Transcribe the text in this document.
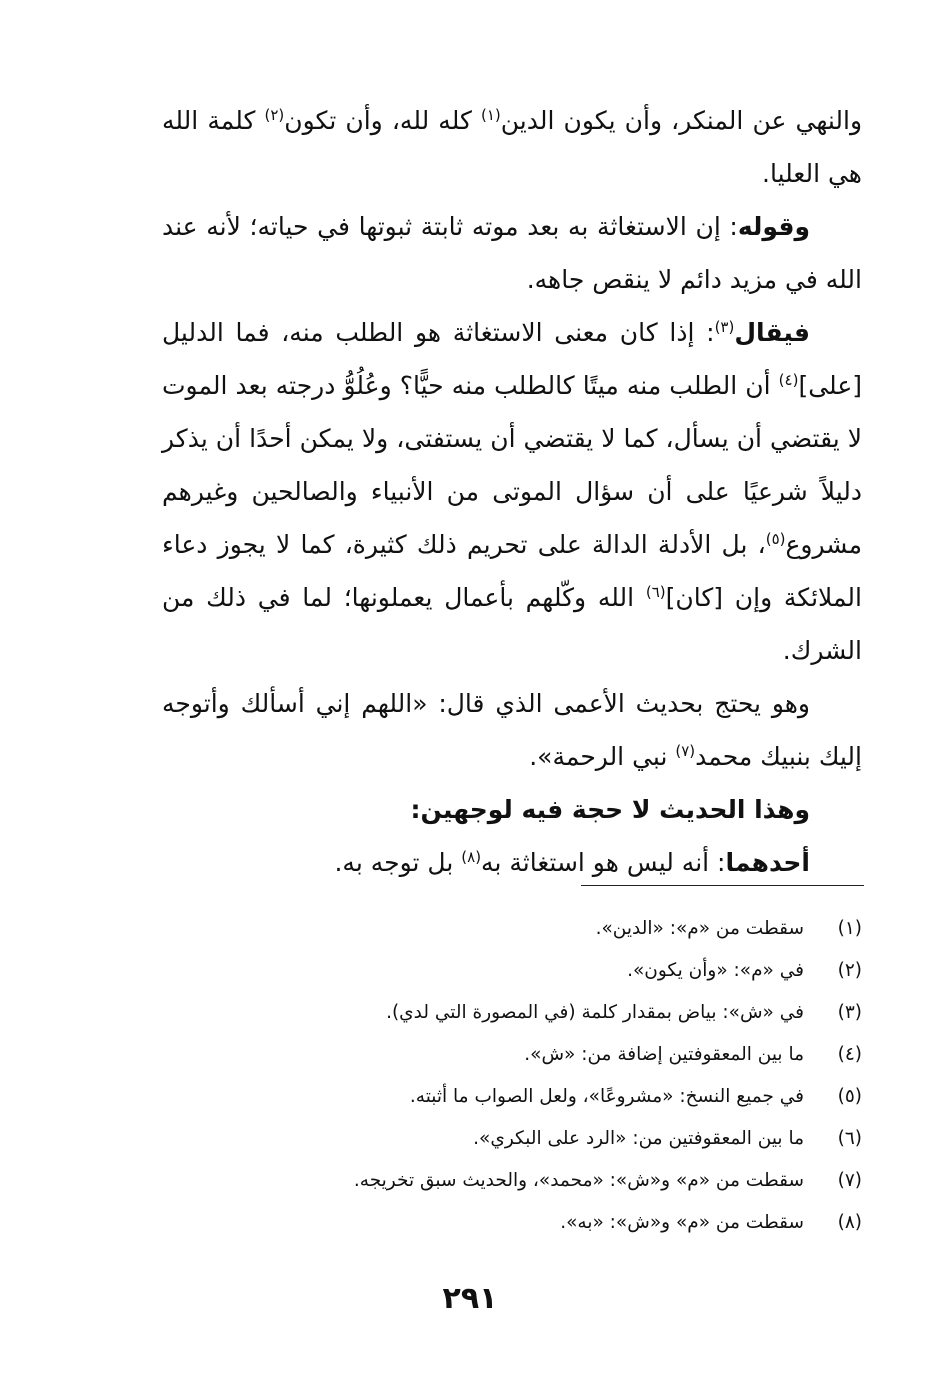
والنهي عن المنكر، وأن يكون الدين$^{(١)}$ كله لله، وأن تكون$^{(٢)}$ كلمة الله هي العليا.

وقوله: إن الاستغاثة به بعد موته ثابتة ثبوتها في حياته؛ لأنه عند الله في مزيد دائم لا ينقص جاهه.

فيقال$^{(٣)}$: إذا كان معنى الاستغاثة هو الطلب منه، فما الدليل [على]$^{(٤)}$ أن الطلب منه ميتًا كالطلب منه حيًّا؟ وعُلُوُّ درجته بعد الموت لا يقتضي أن يسأل، كما لا يقتضي أن يستفتى، ولا يمكن أحدًا أن يذكر دليلاً شرعيًا على أن سؤال الموتى من الأنبياء والصالحين وغيرهم مشروع$^{(٥)}$، بل الأدلة الدالة على تحريم ذلك كثيرة، كما لا يجوز دعاء الملائكة وإن [كان]$^{(٦)}$ الله وكّلهم بأعمال يعملونها؛ لما في ذلك من الشرك.

وهو يحتج بحديث الأعمى الذي قال: «اللهم إني أسألك وأتوجه إليك بنبيك محمد$^{(٧)}$ نبي الرحمة».

وهذا الحديث لا حجة فيه لوجهين:

أحدهما: أنه ليس هو استغاثة به$^{(٨)}$ بل توجه به.

(١)سقطت من «م»: «الدين».
(٢)في «م»: «وأن يكون».
(٣)في «ش»: بياض بمقدار كلمة (في المصورة التي لدي).
(٤)ما بين المعقوفتين إضافة من: «ش».
(٥)في جميع النسخ: «مشروعًا»، ولعل الصواب ما أثبته.
(٦)ما بين المعقوفتين من: «الرد على البكري».
(٧)سقطت من «م» و«ش»: «محمد»، والحديث سبق تخريجه.
(٨)سقطت من «م» و«ش»: «به».
٢٩١
